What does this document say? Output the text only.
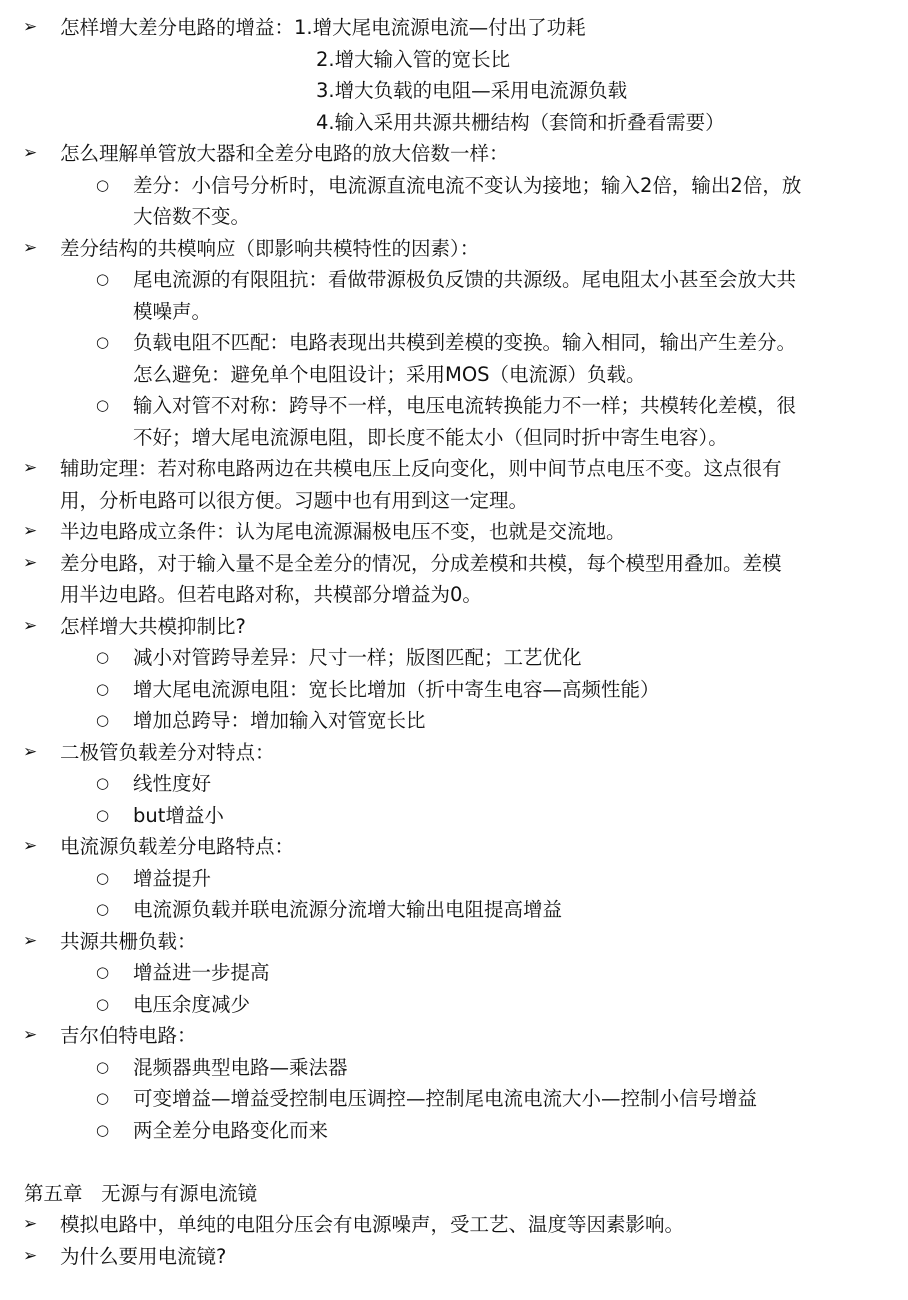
➢ 怎样增大差分电路的增益：1.增大尾电流源电流—付出了功耗
2.增大输入管的宽长比
3.增大负载的电阻—采用电流源负载
4.输入采用共源共栅结构（套筒和折叠看需要）
➢ 怎么理解单管放大器和全差分电路的放大倍数一样：
○ 差分：小信号分析时，电流源直流电流不变认为接地；输入2倍，输出2倍，放
大倍数不变。
➢ 差分结构的共模响应（即影响共模特性的因素）：
○ 尾电流源的有限阻抗：看做带源极负反馈的共源级。尾电阻太小甚至会放大共
模噪声。
○ 负载电阻不匹配：电路表现出共模到差模的变换。输入相同，输出产生差分。
怎么避免：避免单个电阻设计；采用MOS（电流源）负载。
○ 输入对管不对称：跨导不一样，电压电流转换能力不一样；共模转化差模，很
不好；增大尾电流源电阻，即长度不能太小（但同时折中寄生电容）。
➢ 辅助定理：若对称电路两边在共模电压上反向变化，则中间节点电压不变。这点很有
用，分析电路可以很方便。习题中也有用到这一定理。
➢ 半边电路成立条件：认为尾电流源漏极电压不变，也就是交流地。
➢ 差分电路，对于输入量不是全差分的情况，分成差模和共模，每个模型用叠加。差模
用半边电路。但若电路对称，共模部分增益为0。
➢ 怎样增大共模抑制比?
○ 减小对管跨导差异：尺寸一样；版图匹配；工艺优化
○ 增大尾电流源电阻：宽长比增加（折中寄生电容—高频性能）
○ 增加总跨导：增加输入对管宽长比
➢ 二极管负载差分对特点：
○ 线性度好
○ but增益小
➢ 电流源负载差分电路特点：
○ 增益提升
○ 电流源负载并联电流源分流增大输出电阻提高增益
➢ 共源共栅负载：
○ 增益进一步提高
○ 电压余度减少
➢ 吉尔伯特电路：
○ 混频器典型电路—乘法器
○ 可变增益—增益受控制电压调控—控制尾电流电流大小—控制小信号增益
○ 两全差分电路变化而来
第五章   无源与有源电流镜
➢ 模拟电路中，单纯的电阻分压会有电源噪声，受工艺、温度等因素影响。
➢ 为什么要用电流镜?
